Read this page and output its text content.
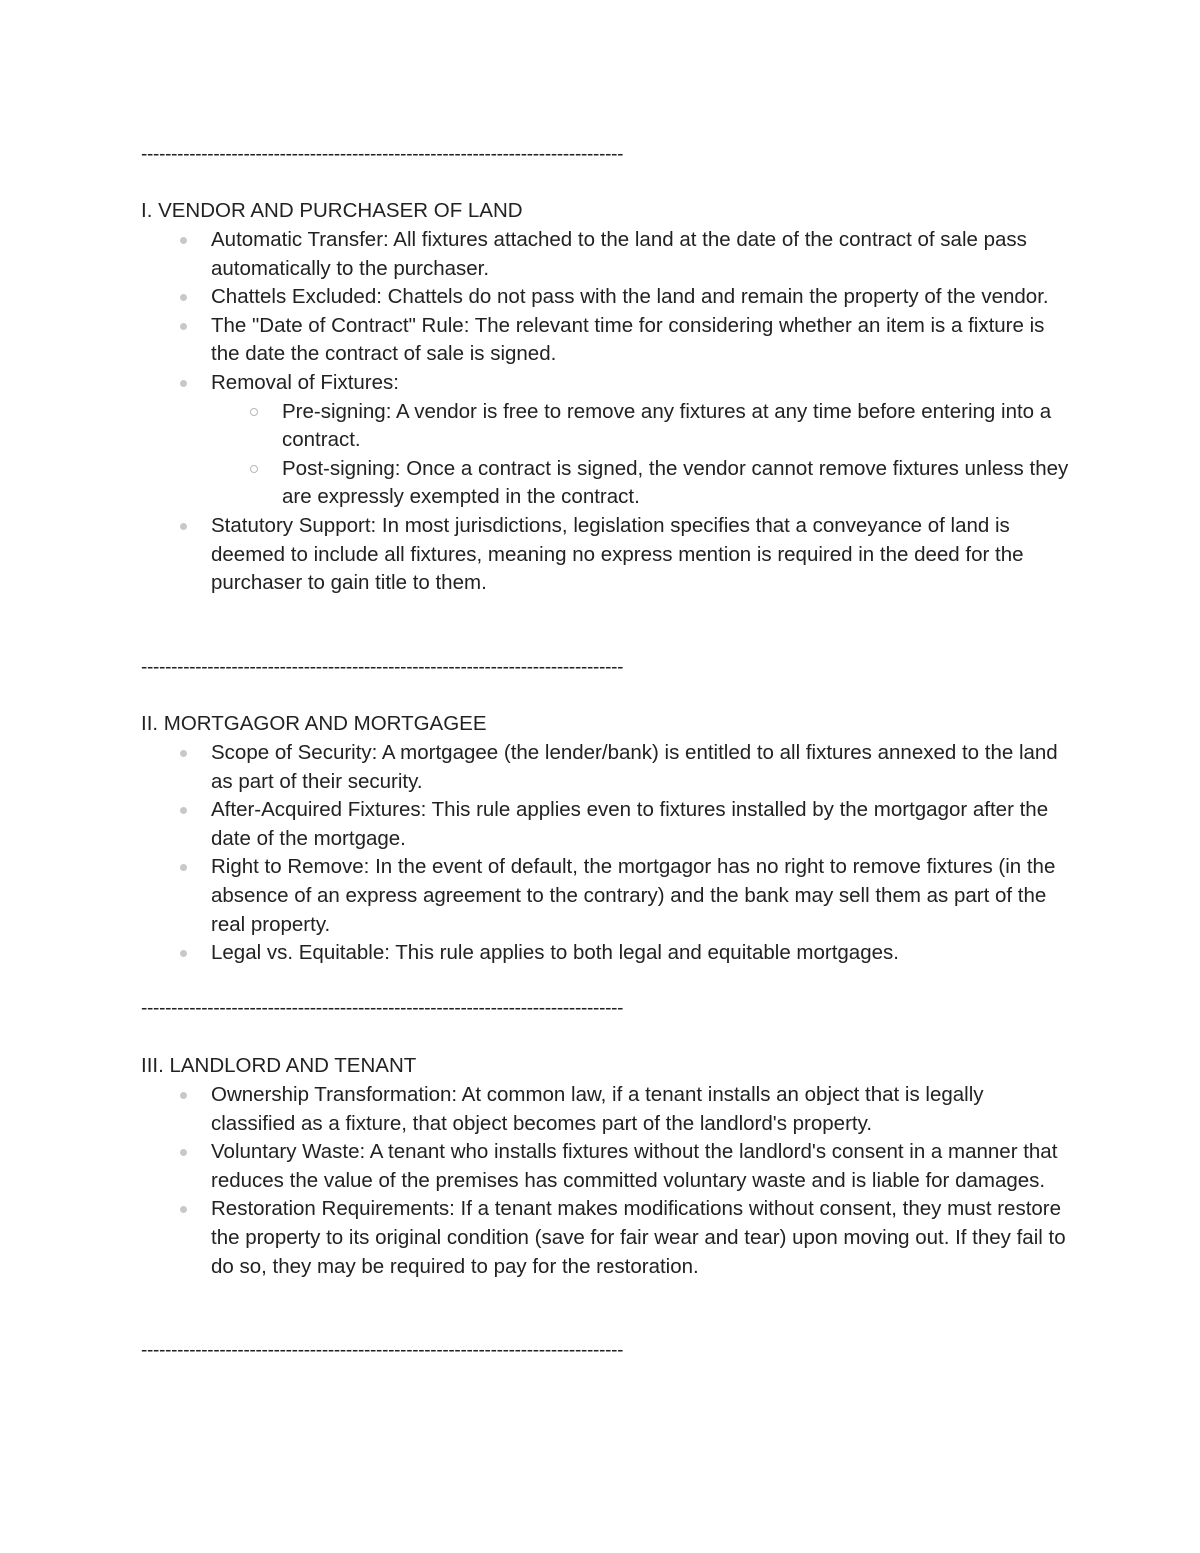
--------------------------------------------------------------------------------
I. VENDOR AND PURCHASER OF LAND
Automatic Transfer: All fixtures attached to the land at the date of the contract of sale pass automatically to the purchaser.
Chattels Excluded: Chattels do not pass with the land and remain the property of the vendor.
The "Date of Contract" Rule: The relevant time for considering whether an item is a fixture is the date the contract of sale is signed.
Removal of Fixtures:
Pre-signing: A vendor is free to remove any fixtures at any time before entering into a contract.
Post-signing: Once a contract is signed, the vendor cannot remove fixtures unless they are expressly exempted in the contract.
Statutory Support: In most jurisdictions, legislation specifies that a conveyance of land is deemed to include all fixtures, meaning no express mention is required in the deed for the purchaser to gain title to them.
--------------------------------------------------------------------------------
II. MORTGAGOR AND MORTGAGEE
Scope of Security: A mortgagee (the lender/bank) is entitled to all fixtures annexed to the land as part of their security.
After-Acquired Fixtures: This rule applies even to fixtures installed by the mortgagor after the date of the mortgage.
Right to Remove: In the event of default, the mortgagor has no right to remove fixtures (in the absence of an express agreement to the contrary) and the bank may sell them as part of the real property.
Legal vs. Equitable: This rule applies to both legal and equitable mortgages.
--------------------------------------------------------------------------------
III. LANDLORD AND TENANT
Ownership Transformation: At common law, if a tenant installs an object that is legally classified as a fixture, that object becomes part of the landlord's property.
Voluntary Waste: A tenant who installs fixtures without the landlord's consent in a manner that reduces the value of the premises has committed voluntary waste and is liable for damages.
Restoration Requirements: If a tenant makes modifications without consent, they must restore the property to its original condition (save for fair wear and tear) upon moving out. If they fail to do so, they may be required to pay for the restoration.
--------------------------------------------------------------------------------
